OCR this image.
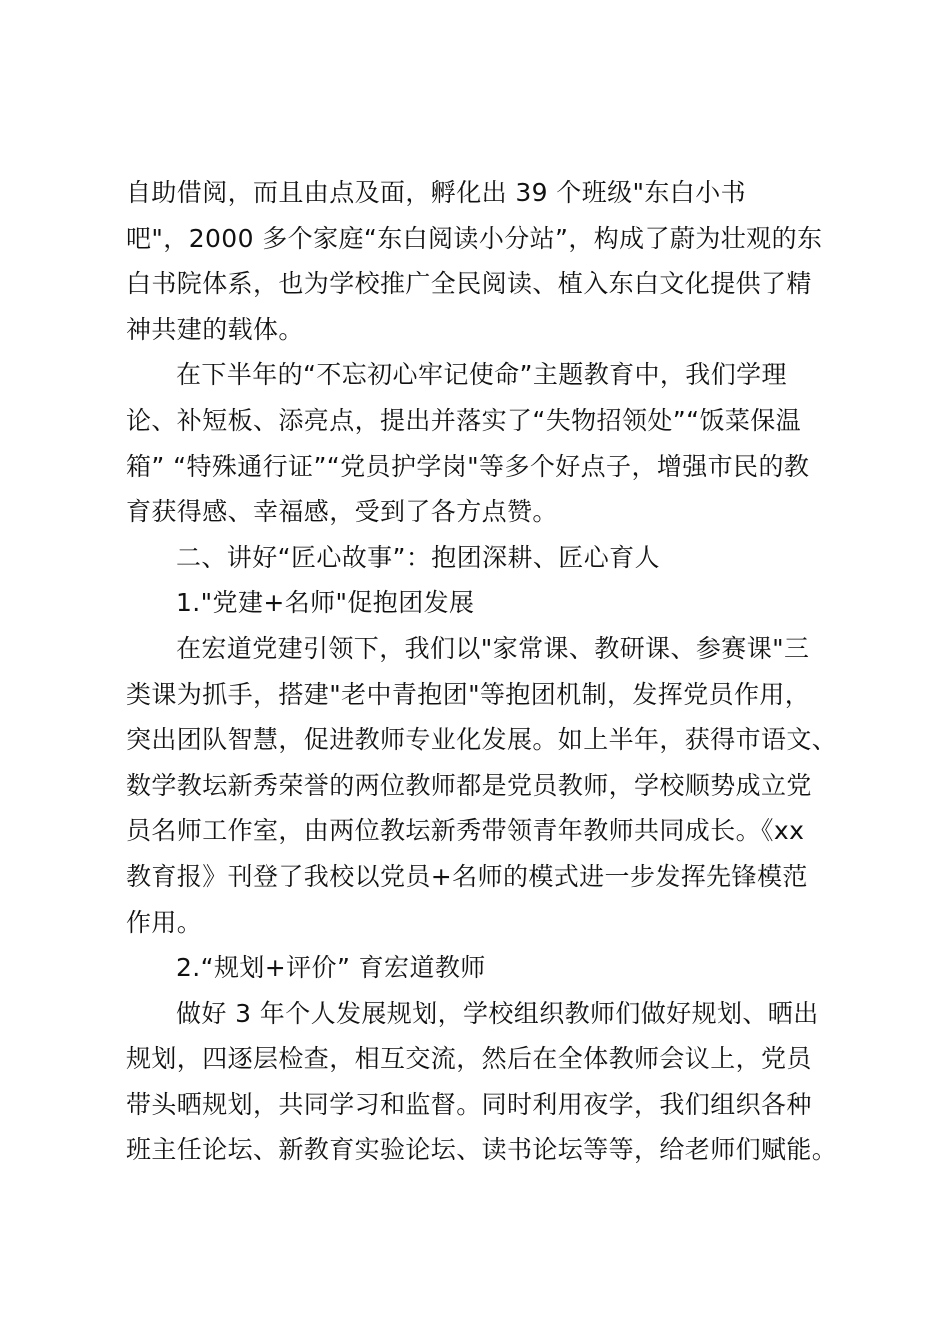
自助借阅，而且由点及面，孵化出 39 个班级"东白小书
吧"，2000 多个家庭“东白阅读小分站”，构成了蔚为壮观的东
白书院体系，也为学校推广全民阅读、植入东白文化提供了精
神共建的载体。
在下半年的“不忘初心牢记使命”主题教育中，我们学理
论、补短板、添亮点，提出并落实了“失物招领处”“饭菜保温
箱” “特殊通行证”“党员护学岗"等多个好点子，增强市民的教
育获得感、幸福感，受到了各方点赞。
二、讲好“匠心故事”：抱团深耕、匠心育人
1."党建+名师"促抱团发展
在宏道党建引领下，我们以"家常课、教研课、参赛课"三
类课为抓手，搭建"老中青抱团"等抱团机制，发挥党员作用，
突出团队智慧，促进教师专业化发展。如上半年，获得市语文、
数学教坛新秀荣誉的两位教师都是党员教师，学校顺势成立党
员名师工作室，由两位教坛新秀带领青年教师共同成长。《xx
教育报》刊登了我校以党员+名师的模式进一步发挥先锋模范
作用。
2.“规划+评价” 育宏道教师
做好 3 年个人发展规划，学校组织教师们做好规划、晒出
规划，四逐层检查，相互交流，然后在全体教师会议上，党员
带头晒规划，共同学习和监督。同时利用夜学，我们组织各种
班主任论坛、新教育实验论坛、读书论坛等等，给老师们赋能。
